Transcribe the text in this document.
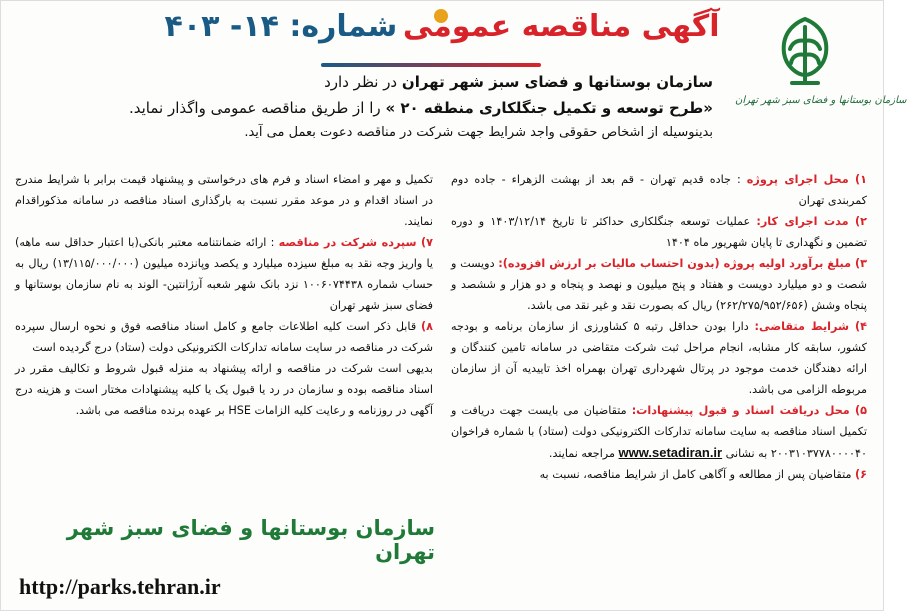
سازمان بوستانها و فضای سبز شهر تهران
آگهی مناقصه عمومی شماره: ۱۴- ۴۰۳
سازمان بوستانها و فضای سبز شهر تهران در نظر دارد
«طرح توسعه و تکمیل جنگلکاری منطقه ۲۰ » را از طریق مناقصه عمومی واگذار نماید.
بدینوسیله از اشخاص حقوقی واجد شرایط جهت شرکت در مناقصه دعوت بعمل می آید.

۱) محل اجرای پروژه : جاده قدیم تهران - قم بعد از بهشت الزهراء - جاده دوم کمربندی تهران

۲) مدت اجرای کار: عملیات توسعه جنگلکاری حداکثر تا تاریخ ۱۴۰۳/۱۲/۱۴ و دوره تضمین و نگهداری تا پایان شهریور ماه ۱۴۰۴

۳) مبلغ برآورد اولیه پروژه (بدون احتساب مالیات بر ارزش افزوده): دویست و شصت و دو میلیارد دویست و هفتاد و پنج میلیون و نهصد و پنجاه و دو هزار و ششصد و پنجاه وشش (۲۶۲/۲۷۵/۹۵۲/۶۵۶) ریال که بصورت نقد و غیر نقد می باشد.

۴) شرایط متقاضی: دارا بودن حداقل رتبه ۵ کشاورزی از سازمان برنامه و بودجه کشور، سابقه کار مشابه، انجام مراحل ثبت شرکت متقاضی در سامانه تامین کنندگان و ارائه دهندگان خدمت موجود در پرتال شهرداری تهران بهمراه اخذ تاییدیه آن از سازمان مربوطه الزامی می باشد.

۵) محل دریافت اسناد و قبول پیشنهادات: متقاضیان می بایست جهت دریافت و تکمیل اسناد مناقصه به سایت سامانه تدارکات الکترونیکی دولت (ستاد) با شماره فراخوان ۲۰۰۳۱۰۳۷۷۸۰۰۰۰۴۰ به نشانی www.setadiran.ir مراجعه نمایند.

۶) متقاضیان پس از مطالعه و آگاهی کامل از شرایط مناقصه، نسبت به

تکمیل و مهر و امضاء اسناد و فرم های درخواستی و پیشنهاد قیمت برابر با شرایط مندرج در اسناد اقدام و در موعد مقرر نسبت به بارگذاری اسناد مناقصه در سامانه مذکوراقدام نمایند.

۷) سپرده شرکت در مناقصه : ارائه ضمانتنامه معتبر بانکی(با اعتبار حداقل سه ماهه) یا واریز وجه نقد به مبلغ سیزده میلیارد و یکصد وپانزده میلیون (۱۳/۱۱۵/۰۰۰/۰۰۰) ریال به حساب شماره ۱۰۰۶۰۷۴۴۳۸ نزد بانک شهر شعبه آرژانتین- الوند به نام سازمان بوستانها و فضای سبز شهر تهران

۸) قابل ذکر است کلیه اطلاعات جامع و کامل اسناد مناقصه فوق و نحوه ارسال سپرده شرکت در مناقصه در سایت سامانه تدارکات الکترونیکی دولت (ستاد) درج گردیده است

بدیهی است شرکت در مناقصه و ارائه پیشنهاد به منزله قبول شروط و تکالیف مقرر در اسناد مناقصه بوده و سازمان در رد یا قبول یک یا کلیه پیشنهادات مختار است و هزینه درج آگهی در روزنامه و رعایت کلیه الزامات HSE بر عهده برنده مناقصه می باشد.

سازمان بوستانها و فضای سبز شهر تهران
http://parks.tehran.ir
